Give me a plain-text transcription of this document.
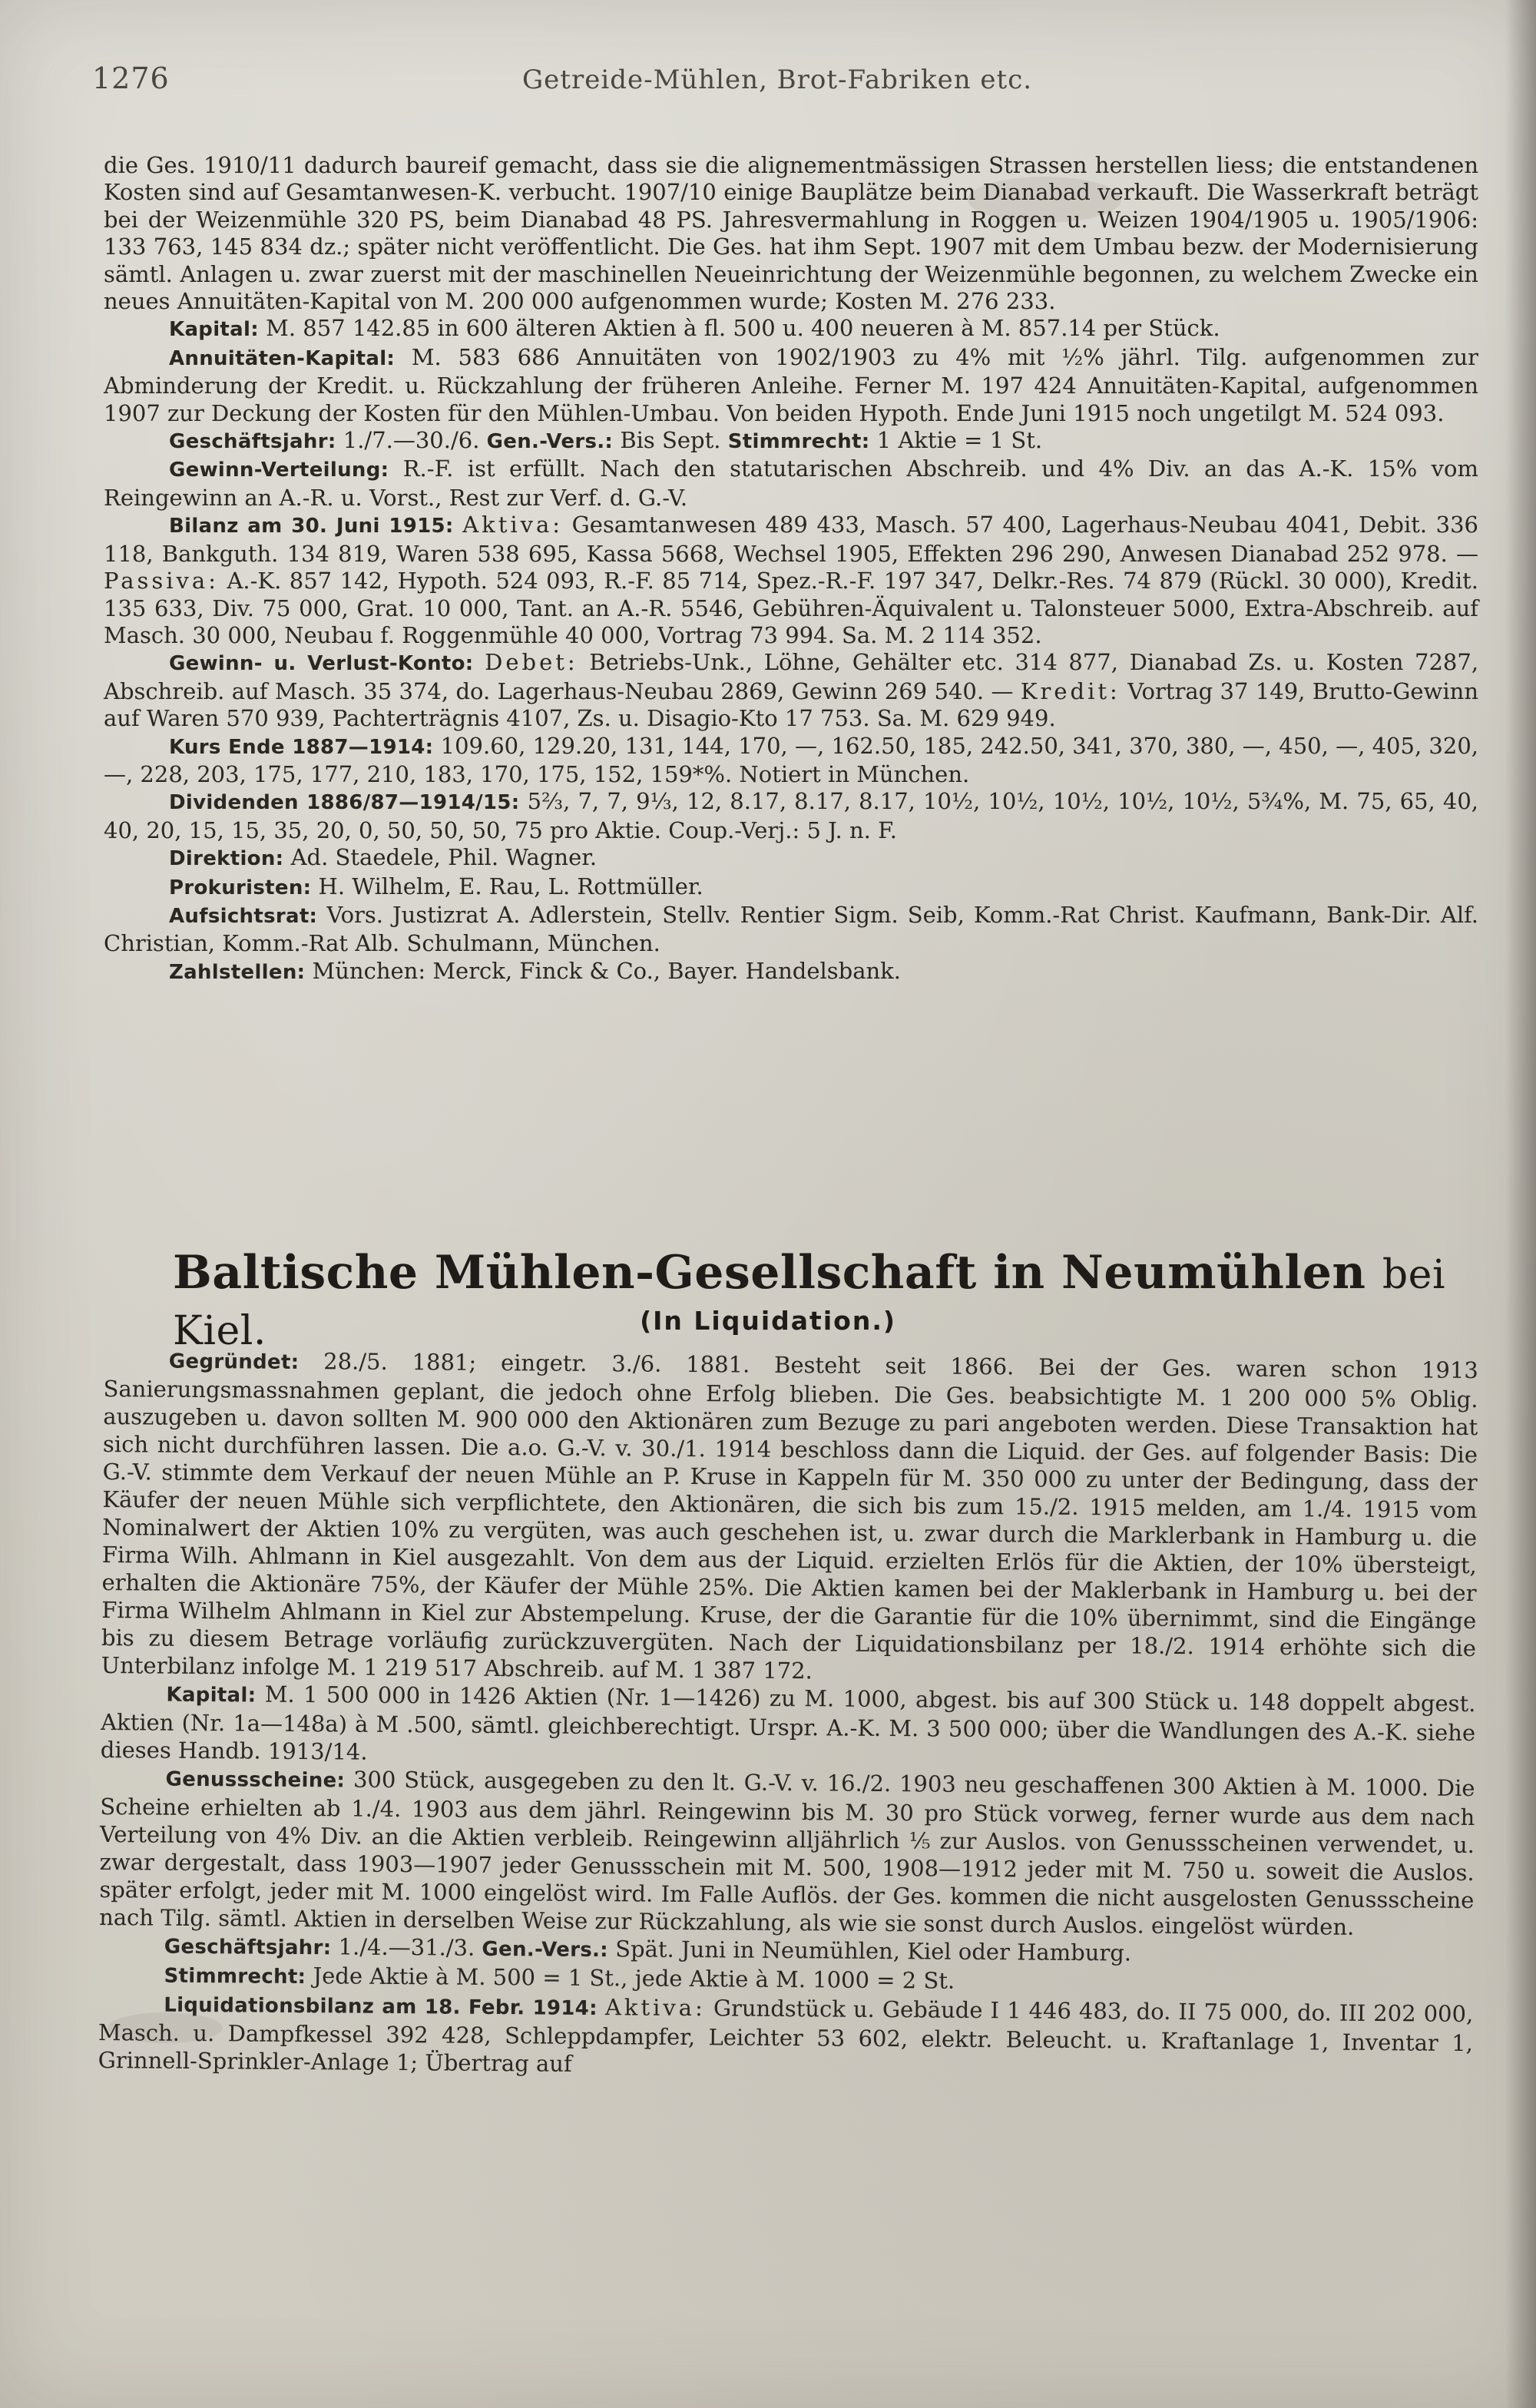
1276	Getreide-Mühlen, Brot-Fabriken etc.

die Ges. 1910/11 dadurch baureif gemacht, dass sie die alignementmässigen Strassen herstellen liess; die entstandenen Kosten sind auf Gesamtanwesen-K. verbucht. 1907/10 einige Bauplätze beim Dianabad verkauft. Die Wasserkraft beträgt bei der Weizenmühle 320 PS, beim Dianabad 48 PS. Jahresvermahlung in Roggen u. Weizen 1904/1905 u. 1905/1906: 133 763, 145 834 dz.; später nicht veröffentlicht. Die Ges. hat ihm Sept. 1907 mit dem Umbau bezw. der Modernisierung sämtl. Anlagen u. zwar zuerst mit der maschinellen Neueinrichtung der Weizenmühle begonnen, zu welchem Zwecke ein neues Annuitäten-Kapital von M. 200 000 aufgenommen wurde; Kosten M. 276 233.

Kapital: M. 857 142.85 in 600 älteren Aktien à fl. 500 u. 400 neueren à M. 857.14 per Stück.

Annuitäten-Kapital: M. 583 686 Annuitäten von 1902/1903 zu 4% mit ½% jährl. Tilg. aufgenommen zur Abminderung der Kredit. u. Rückzahlung der früheren Anleihe. Ferner M. 197 424 Annuitäten-Kapital, aufgenommen 1907 zur Deckung der Kosten für den Mühlen-Umbau. Von beiden Hypoth. Ende Juni 1915 noch ungetilgt M. 524 093.

Geschäftsjahr: 1./7.—30./6. Gen.-Vers.: Bis Sept. Stimmrecht: 1 Aktie = 1 St.

Gewinn-Verteilung: R.-F. ist erfüllt. Nach den statutarischen Abschreib. und 4% Div. an das A.-K. 15% vom Reingewinn an A.-R. u. Vorst., Rest zur Verf. d. G.-V.

Bilanz am 30. Juni 1915: Aktiva: Gesamtanwesen 489 433, Masch. 57 400, Lagerhaus-Neubau 4041, Debit. 336 118, Bankguth. 134 819, Waren 538 695, Kassa 5668, Wechsel 1905, Effekten 296 290, Anwesen Dianabad 252 978. — Passiva: A.-K. 857 142, Hypoth. 524 093, R.-F. 85 714, Spez.-R.-F. 197 347, Delkr.-Res. 74 879 (Rückl. 30 000), Kredit. 135 633, Div. 75 000, Grat. 10 000, Tant. an A.-R. 5546, Gebühren-Äquivalent u. Talonsteuer 5000, Extra-Abschreib. auf Masch. 30 000, Neubau f. Roggenmühle 40 000, Vortrag 73 994. Sa. M. 2 114 352.

Gewinn- u. Verlust-Konto: Debet: Betriebs-Unk., Löhne, Gehälter etc. 314 877, Dianabad Zs. u. Kosten 7287, Abschreib. auf Masch. 35 374, do. Lagerhaus-Neubau 2869, Gewinn 269 540. — Kredit: Vortrag 37 149, Brutto-Gewinn auf Waren 570 939, Pachterträgnis 4107, Zs. u. Disagio-Kto 17 753. Sa. M. 629 949.

Kurs Ende 1887—1914: 109.60, 129.20, 131, 144, 170, —, 162.50, 185, 242.50, 341, 370, 380, —, 450, —, 405, 320, —, 228, 203, 175, 177, 210, 183, 170, 175, 152, 159*%. Notiert in München.

Dividenden 1886/87—1914/15: 5⅔, 7, 7, 9⅓, 12, 8.17, 8.17, 8.17, 10½, 10½, 10½, 10½, 10½, 5¾%, M. 75, 65, 40, 40, 20, 15, 15, 35, 20, 0, 50, 50, 50, 75 pro Aktie. Coup.-Verj.: 5 J. n. F.

Direktion: Ad. Staedele, Phil. Wagner.

Prokuristen: H. Wilhelm, E. Rau, L. Rottmüller.

Aufsichtsrat: Vors. Justizrat A. Adlerstein, Stellv. Rentier Sigm. Seib, Komm.-Rat Christ. Kaufmann, Bank-Dir. Alf. Christian, Komm.-Rat Alb. Schulmann, München.

Zahlstellen: München: Merck, Finck & Co., Bayer. Handelsbank.

Baltische Mühlen-Gesellschaft in Neumühlen bei Kiel.	(In Liquidation.)

Gegründet: 28./5. 1881; eingetr. 3./6. 1881. Besteht seit 1866. Bei der Ges. waren schon 1913 Sanierungsmassnahmen geplant, die jedoch ohne Erfolg blieben. Die Ges. beabsichtigte M. 1 200 000 5% Oblig. auszugeben u. davon sollten M. 900 000 den Aktionären zum Bezuge zu pari angeboten werden. Diese Transaktion hat sich nicht durchführen lassen. Die a.o. G.-V. v. 30./1. 1914 beschloss dann die Liquid. der Ges. auf folgender Basis: Die G.-V. stimmte dem Verkauf der neuen Mühle an P. Kruse in Kappeln für M. 350 000 zu unter der Bedingung, dass der Käufer der neuen Mühle sich verpflichtete, den Aktionären, die sich bis zum 15./2. 1915 melden, am 1./4. 1915 vom Nominalwert der Aktien 10% zu vergüten, was auch geschehen ist, u. zwar durch die Marklerbank in Hamburg u. die Firma Wilh. Ahlmann in Kiel ausgezahlt. Von dem aus der Liquid. erzielten Erlös für die Aktien, der 10% übersteigt, erhalten die Aktionäre 75%, der Käufer der Mühle 25%. Die Aktien kamen bei der Maklerbank in Hamburg u. bei der Firma Wilhelm Ahlmann in Kiel zur Abstempelung. Kruse, der die Garantie für die 10% übernimmt, sind die Eingänge bis zu diesem Betrage vorläufig zurückzuvergüten. Nach der Liquidationsbilanz per 18./2. 1914 erhöhte sich die Unterbilanz infolge M. 1 219 517 Abschreib. auf M. 1 387 172.

Kapital: M. 1 500 000 in 1426 Aktien (Nr. 1—1426) zu M. 1000, abgest. bis auf 300 Stück u. 148 doppelt abgest. Aktien (Nr. 1a—148a) à M .500, sämtl. gleichberechtigt. Urspr. A.-K. M. 3 500 000; über die Wandlungen des A.-K. siehe dieses Handb. 1913/14.

Genussscheine: 300 Stück, ausgegeben zu den lt. G.-V. v. 16./2. 1903 neu geschaffenen 300 Aktien à M. 1000. Die Scheine erhielten ab 1./4. 1903 aus dem jährl. Reingewinn bis M. 30 pro Stück vorweg, ferner wurde aus dem nach Verteilung von 4% Div. an die Aktien verbleib. Reingewinn alljährlich ⅕ zur Auslos. von Genussscheinen verwendet, u. zwar dergestalt, dass 1903—1907 jeder Genussschein mit M. 500, 1908—1912 jeder mit M. 750 u. soweit die Auslos. später erfolgt, jeder mit M. 1000 eingelöst wird. Im Falle Auflös. der Ges. kommen die nicht ausgelosten Genussscheine nach Tilg. sämtl. Aktien in derselben Weise zur Rückzahlung, als wie sie sonst durch Auslos. eingelöst würden.

Geschäftsjahr: 1./4.—31./3. Gen.-Vers.: Spät. Juni in Neumühlen, Kiel oder Hamburg.

Stimmrecht: Jede Aktie à M. 500 = 1 St., jede Aktie à M. 1000 = 2 St.

Liquidationsbilanz am 18. Febr. 1914: Aktiva: Grundstück u. Gebäude I 1 446 483, do. II 75 000, do. III 202 000, Masch. u. Dampfkessel 392 428, Schleppdampfer, Leichter 53 602, elektr. Beleucht. u. Kraftanlage 1, Inventar 1, Grinnell-Sprinkler-Anlage 1; Übertrag auf
